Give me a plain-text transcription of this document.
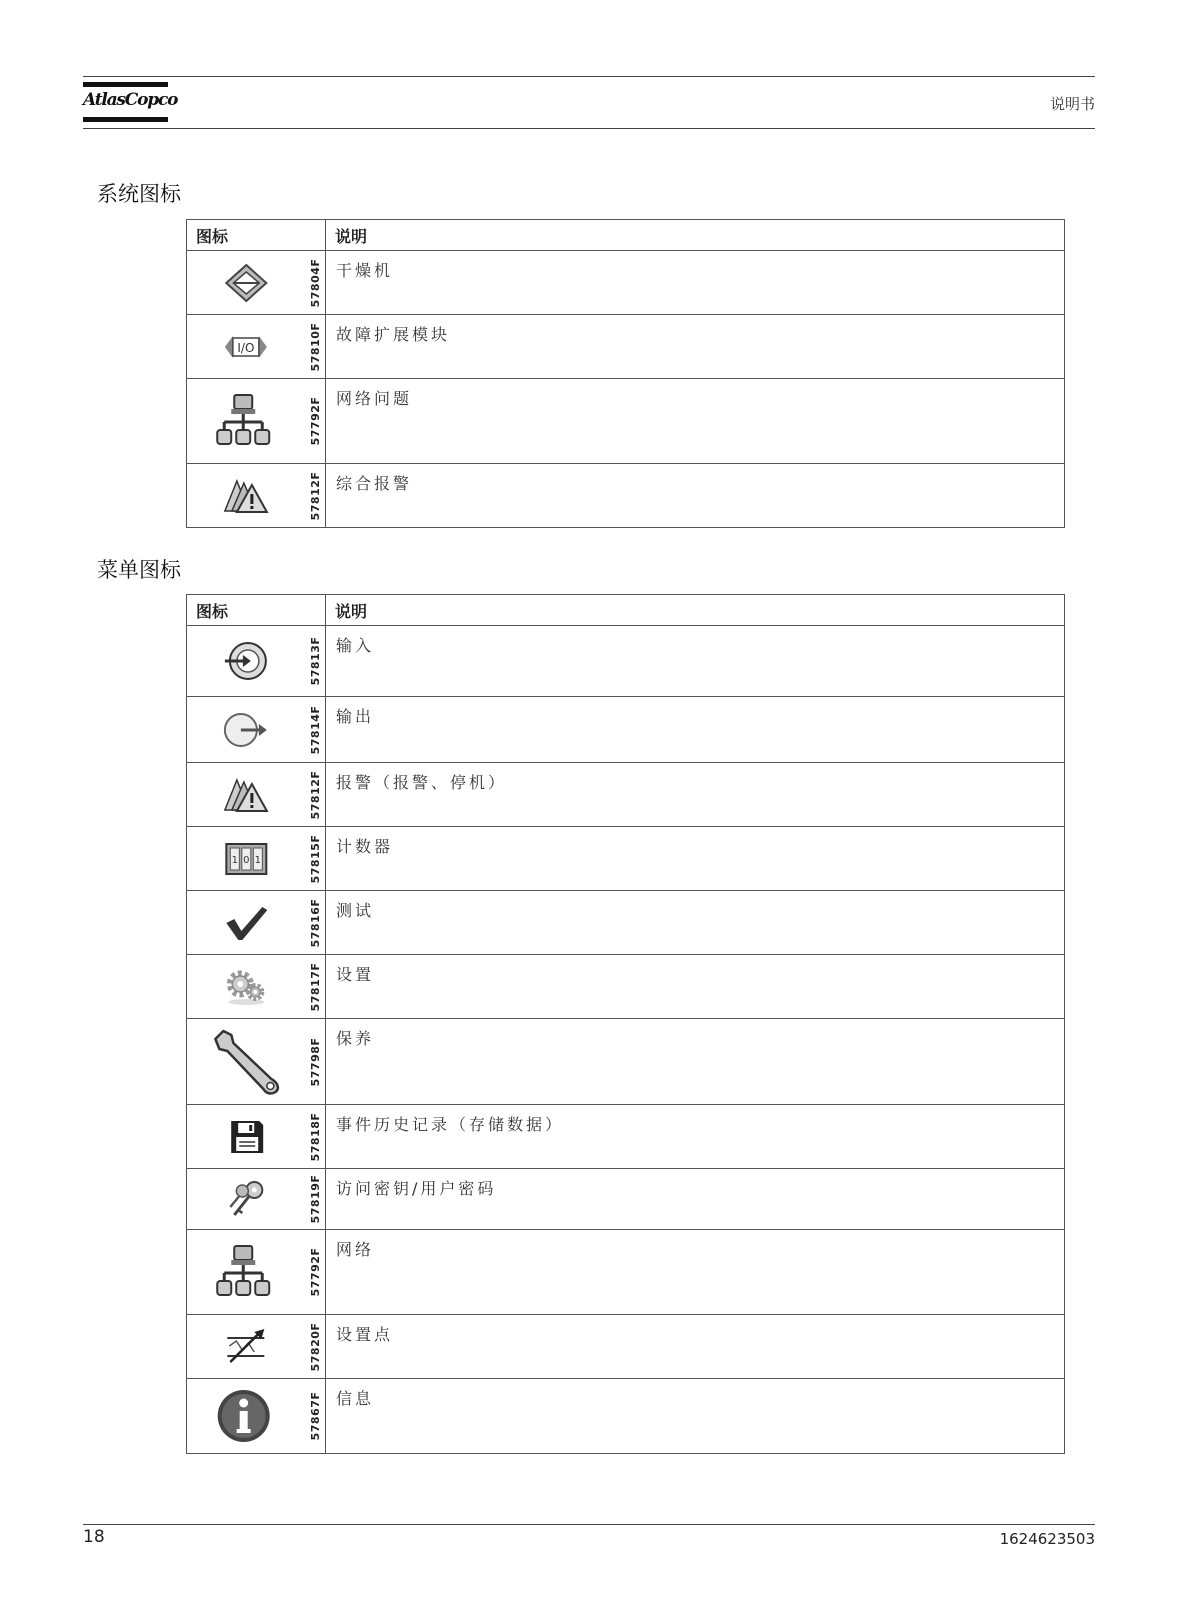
AtlasCopco	说明书
系统图标
图标	说明

57804F	干燥机

I/O 57810F	故障扩展模块

57792F	网络问题

57812F	综合报警
菜单图标
图标	说明

57813F	输入

57814F	输出

57812F	报警（报警、停机）

1 0 1 57815F	计数器

57816F	测试

57817F	设置

57798F	保养

57818F	事件历史记录（存储数据）

57819F	访问密钥/用户密码

57792F	网络

57820F	设置点

57867F	信息
18	1624623503
